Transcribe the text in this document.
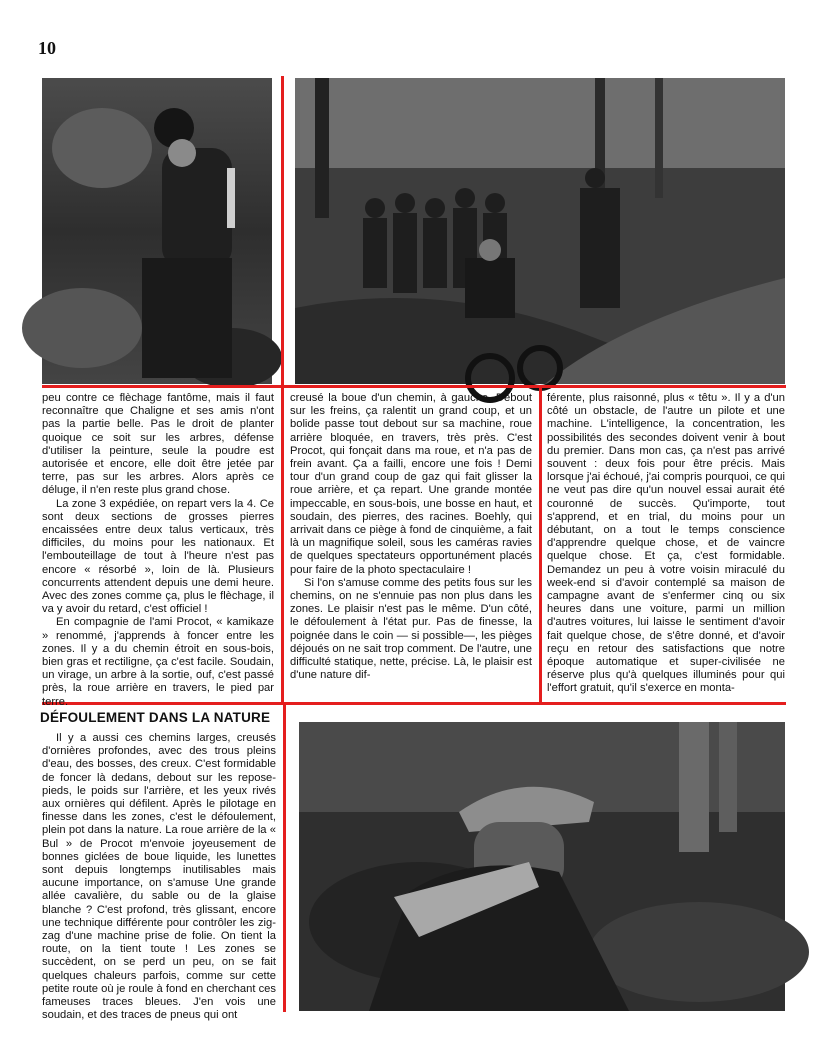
10

peu contre ce flèchage fantôme, mais il faut reconnaître que Chaligne et ses amis n'ont pas la partie belle. Pas le droit de planter quoique ce soit sur les arbres, défense d'utiliser la peinture, seule la poudre est autorisée et encore, elle doit être jetée par terre, pas sur les arbres. Alors après ce déluge, il n'en reste plus grand chose.

La zone 3 expédiée, on repart vers la 4. Ce sont deux sections de grosses pierres encaissées entre deux talus verticaux, très difficiles, du moins pour les nationaux. Et l'embouteillage de tout à l'heure n'est pas encore « résorbé », loin de là. Plusieurs concurrents attendent depuis une demi heure. Avec des zones comme ça, plus le flèchage, il va y avoir du retard, c'est officiel !

En compagnie de l'ami Procot, « kamikaze » renommé, j'apprends à foncer entre les zones. Il y a du chemin étroit en sous-bois, bien gras et rectiligne, ça c'est facile. Soudain, un virage, un arbre à la sortie, ouf, c'est passé près, la roue arrière en travers, le pied par terre.

creusé la boue d'un chemin, à gauche. Debout sur les freins, ça ralentit un grand coup, et un bolide passe tout debout sur sa machine, roue arrière bloquée, en travers, très près. C'est Procot, qui fonçait dans ma roue, et n'a pas de frein avant. Ça a failli, encore une fois ! Demi tour d'un grand coup de gaz qui fait glisser la roue arrière, et ça repart. Une grande montée impeccable, en sous-bois, une bosse en haut, et soudain, des pierres, des racines. Boehly, qui arrivait dans ce piège à fond de cinquième, a fait là un magnifique soleil, sous les caméras ravies de quelques spectateurs opportunément placés pour faire de la photo spectaculaire !

Si l'on s'amuse comme des petits fous sur les chemins, on ne s'ennuie pas non plus dans les zones. Le plaisir n'est pas le même. D'un côté, le défoulement à l'état pur. Pas de finesse, la poignée dans le coin — si possible—, les pièges déjoués on ne sait trop comment. De l'autre, une difficulté statique, nette, précise. Là, le plaisir est d'une nature dif-

férente, plus raisonné, plus « têtu ». Il y a d'un côté un obstacle, de l'autre un pilote et une machine. L'intelligence, la concentration, les possibilités des secondes doivent venir à bout du premier. Dans mon cas, ça n'est pas arrivé souvent : deux fois pour être précis. Mais lorsque j'ai échoué, j'ai compris pourquoi, ce qui ne veut pas dire qu'un nouvel essai aurait été couronné de succès. Qu'importe, tout s'apprend, et en trial, du moins pour un débutant, on a tout le temps conscience d'apprendre quelque chose, et de vaincre quelque chose. Et ça, c'est formidable. Demandez un peu à votre voisin miraculé du week-end si d'avoir contemplé sa maison de campagne avant de s'enfermer cinq ou six heures dans une voiture, parmi un million d'autres voitures, lui laisse le sentiment d'avoir fait quelque chose, de s'être donné, et d'avoir reçu en retour des satisfactions que notre époque automatique et super-civilisée ne réserve plus qu'à quelques illuminés pour qui l'effort gratuit, qu'il s'exerce en monta-

DÉFOULEMENT DANS LA NATURE

Il y a aussi ces chemins larges, creusés d'ornières profondes, avec des trous pleins d'eau, des bosses, des creux. C'est formidable de foncer là dedans, debout sur les repose-pieds, le poids sur l'arrière, et les yeux rivés aux ornières qui défilent. Après le pilotage en finesse dans les zones, c'est le défoulement, plein pot dans la nature. La roue arrière de la « Bul » de Procot m'envoie joyeusement de bonnes giclées de boue liquide, les lunettes sont depuis longtemps inutilisables mais aucune importance, on s'amuse Une grande allée cavalière, du sable ou de la glaise blanche ? C'est profond, très glissant, encore une technique différente pour contrôler les zig-zag d'une machine prise de folie. On tient la route, on la tient toute ! Les zones se succèdent, on se perd un peu, on se fait quelques chaleurs parfois, comme sur cette petite route où je roule à fond en cherchant ces fameuses traces bleues. J'en vois une soudain, et des traces de pneus qui ont
